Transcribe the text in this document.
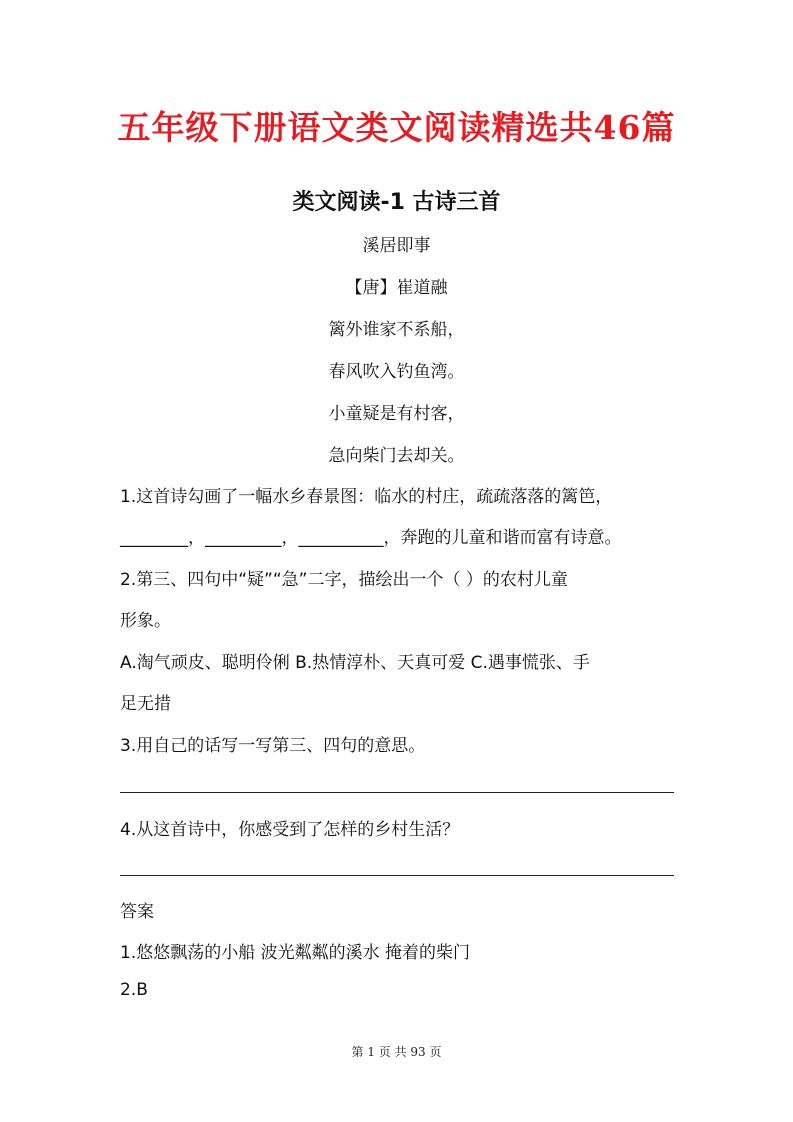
五年级下册语文类文阅读精选共46篇
类文阅读-1 古诗三首
溪居即事
【唐】崔道融
篱外谁家不系船，
春风吹入钓鱼湾。
小童疑是有村客，
急向柴门去却关。
1.这首诗勾画了一幅水乡春景图：临水的村庄，疏疏落落的篱笆，
________，_________，__________，奔跑的儿童和谐而富有诗意。
2.第三、四句中“疑”“急”二字，描绘出一个（ ）的农村儿童
形象。
A.淘气顽皮、聪明伶俐 B.热情淳朴、天真可爱 C.遇事慌张、手
足无措
3.用自己的话写一写第三、四句的意思。
4.从这首诗中，你感受到了怎样的乡村生活？
答案
1.悠悠飘荡的小船 波光粼粼的溪水 掩着的柴门
2.B
第 1 页 共 93 页
